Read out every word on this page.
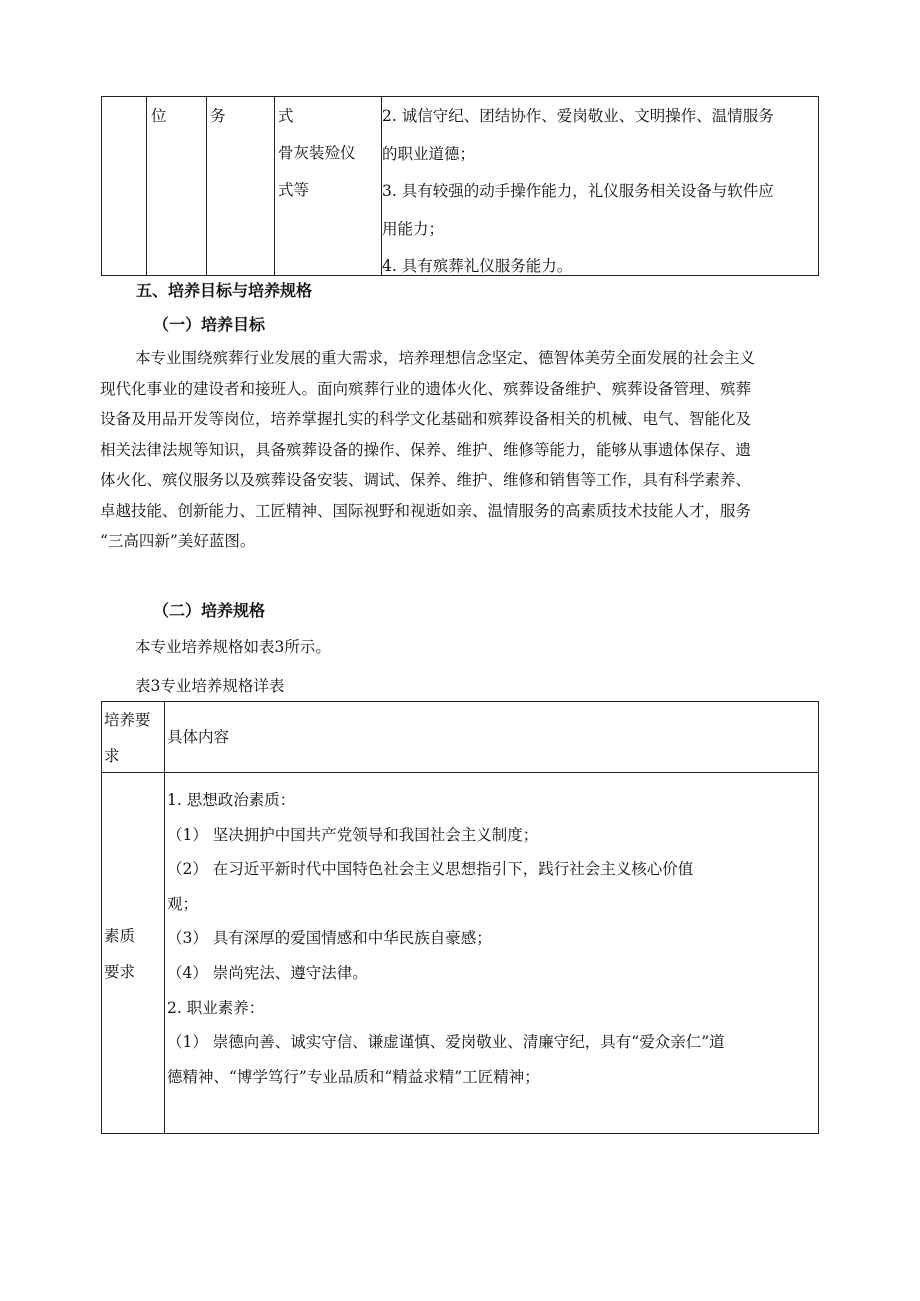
位	务	式
骨灰装殓仪
式等
2. 诚信守纪、团结协作、爱岗敬业、文明操作、温情服务
的职业道德；
3. 具有较强的动手操作能力，礼仪服务相关设备与软件应
用能力；
4. 具有殡葬礼仪服务能力。
五、培养目标与培养规格
（一）培养目标
本专业围绕殡葬行业发展的重大需求，培养理想信念坚定、德智体美劳全面发展的社会主义
现代化事业的建设者和接班人。面向殡葬行业的遗体火化、殡葬设备维护、殡葬设备管理、殡葬
设备及用品开发等岗位，培养掌握扎实的科学文化基础和殡葬设备相关的机械、电气、智能化及
相关法律法规等知识，具备殡葬设备的操作、保养、维护、维修等能力，能够从事遗体保存、遗
体火化、殡仪服务以及殡葬设备安装、调试、保养、维护、维修和销售等工作，具有科学素养、
卓越技能、创新能力、工匠精神、国际视野和视逝如亲、温情服务的高素质技术技能人才，服务
“三高四新”美好蓝图。
（二）培养规格
本专业培养规格如表3所示。
表3专业培养规格详表
培养要
求
具体内容
素质
要求
1. 思想政治素质：
（1） 坚决拥护中国共产党领导和我国社会主义制度；
（2） 在习近平新时代中国特色社会主义思想指引下，践行社会主义核心价值
观；
（3） 具有深厚的爱国情感和中华民族自豪感；
（4） 崇尚宪法、遵守法律。
2. 职业素养：
（1） 崇德向善、诚实守信、谦虚谨慎、爱岗敬业、清廉守纪，具有“爱众亲仁”道
德精神、“博学笃行”专业品质和“精益求精”工匠精神；
